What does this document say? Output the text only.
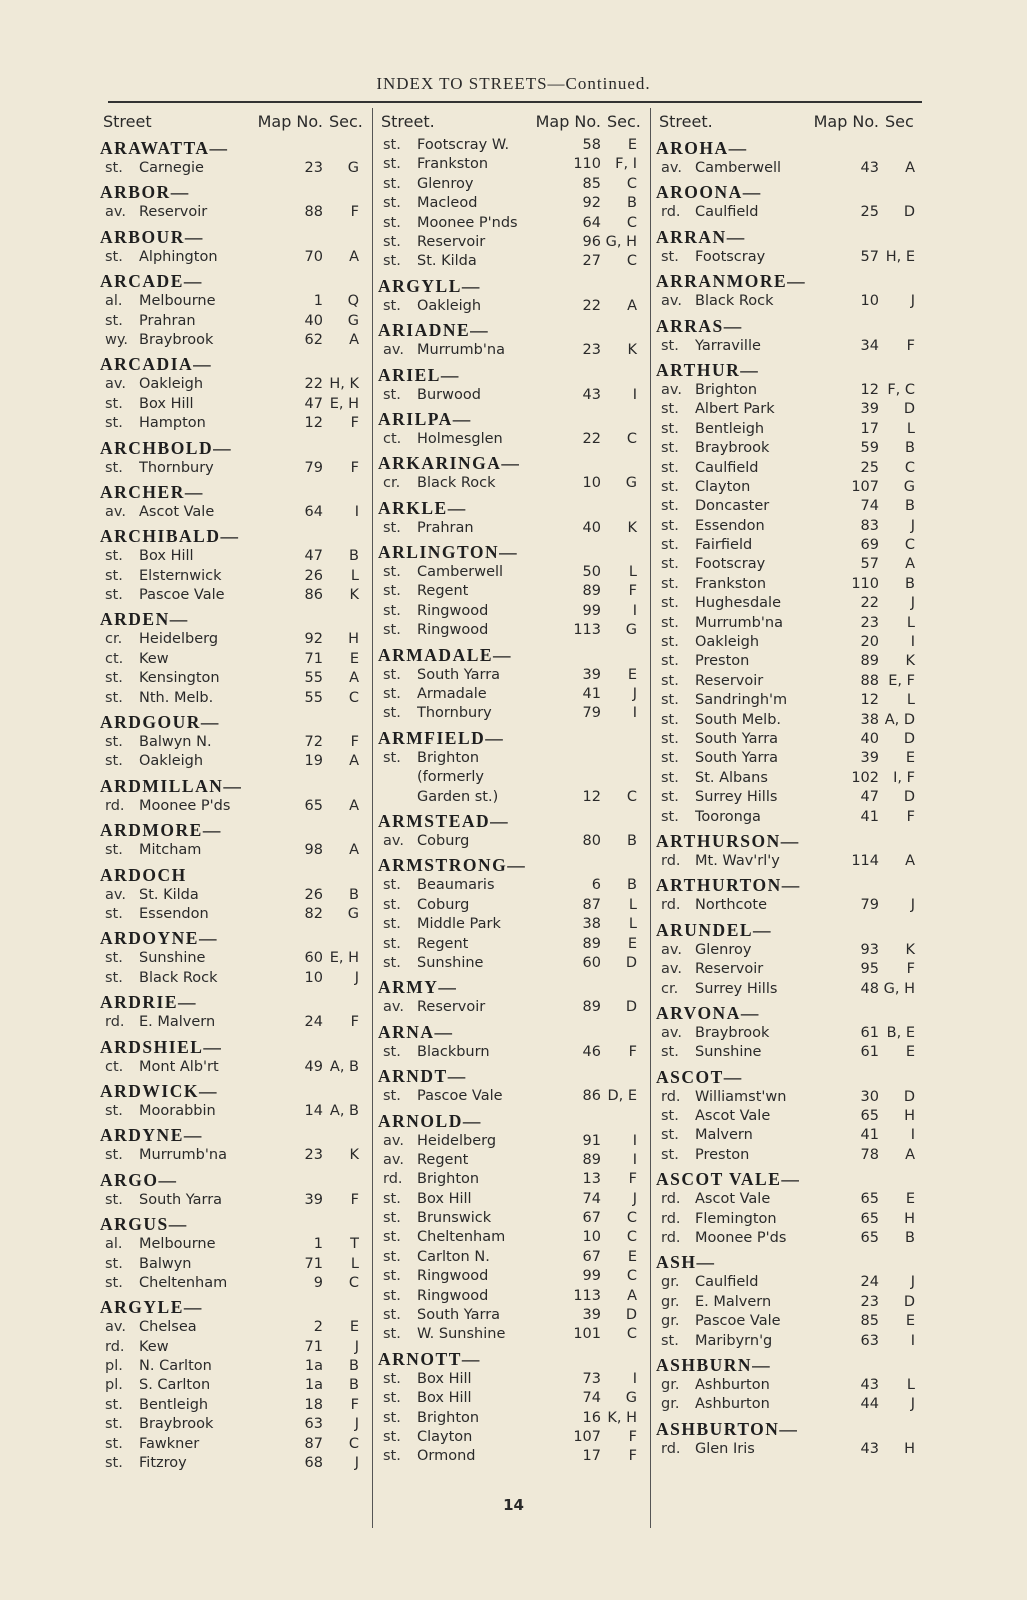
INDEX TO STREETS—Continued.
Street	Map No. Sec.
ARAWATTA—
st.	Carnegie	23	G
ARBOR—
av. Reservoir	88	F
ARBOUR—
st.	Alphington	70	A
ARCADE—
al.	Melbourne	1	Q
st.	Prahran	40	G
wy. Braybrook	62	A
ARCADIA—
av. Oakleigh	22 H, K
st.	Box Hill	47 E, H
st.	Hampton	12	F
ARCHBOLD—
st.	Thornbury	79	F
ARCHER—
av. Ascot Vale	64	I
ARCHIBALD—
st.	Box Hill	47	B
st.	Elsternwick	26	L
st.	Pascoe Vale	86	K
ARDEN—
cr.	Heidelberg	92	H
ct.	Kew	71	E
st.	Kensington	55	A
st.	Nth. Melb.	55	C
ARDGOUR—
st.	Balwyn N.	72	F
st.	Oakleigh	19	A
ARDMILLAN—
rd. Moonee P'ds	65	A
ARDMORE—
st.	Mitcham	98	A
ARDOCH
av. St. Kilda	26	B
st.	Essendon	82	G
ARDOYNE—
st.	Sunshine	60 E, H
st.	Black Rock	10	J
ARDRIE—
rd. E. Malvern	24	F
ARDSHIEL—
ct.	Mont Alb'rt	49 A, B
ARDWICK—
st.	Moorabbin	14 A, B
ARDYNE—
st.	Murrumb'na	23	K
ARGO—
st.	South Yarra	39	F
ARGUS—
al.	Melbourne	1	T
st.	Balwyn	71	L
st.	Cheltenham	9	C
ARGYLE—
av. Chelsea	2	E
rd. Kew	71	J
pl.	N. Carlton	1a	B
pl.	S. Carlton	1a	B
st.	Bentleigh	18	F
st.	Braybrook	63	J
st.	Fawkner	87	C
st.	Fitzroy	68	J
Street.	Map No. Sec.
st.	Footscray W.	58	E
st.	Frankston	110 F, I
st.	Glenroy	85	C
st.	Macleod	92	B
st.	Moonee P'nds	64	C
st.	Reservoir	96 G, H
st.	St. Kilda	27	C
ARGYLL—
st.	Oakleigh	22	A
ARIADNE—
av. Murrumb'na	23	K
ARIEL—
st.	Burwood	43	I
ARILPA—
ct.	Holmesglen	22	C
ARKARINGA—
cr.	Black Rock	10	G
ARKLE—
st.	Prahran	40	K
ARLINGTON—
st.	Camberwell	50	L
st.	Regent	89	F
st.	Ringwood	99	I
st.	Ringwood	113	G
ARMADALE—
st.	South Yarra	39	E
st.	Armadale	41	J
st.	Thornbury	79	I
ARMFIELD—
st.	Brighton
(formerly
Garden st.)	12	C
ARMSTEAD—
av. Coburg	80	B
ARMSTRONG—
st.	Beaumaris	6	B
st.	Coburg	87	L
st.	Middle Park	38	L
st.	Regent	89	E
st.	Sunshine	60	D
ARMY—
av. Reservoir	89	D
ARNA—
st.	Blackburn	46	F
ARNDT—
st.	Pascoe Vale	86 D, E
ARNOLD—
av. Heidelberg	91	I
av. Regent	89	I
rd. Brighton	13	F
st.	Box Hill	74	J
st.	Brunswick	67	C
st.	Cheltenham	10	C
st.	Carlton N.	67	E
st.	Ringwood	99	C
st.	Ringwood	113	A
st.	South Yarra	39	D
st.	W. Sunshine	101	C
ARNOTT—
st.	Box Hill	73	I
st.	Box Hill	74	G
st.	Brighton	16 K, H
st.	Clayton	107	F
st.	Ormond	17	F
Street.	Map No. Sec
AROHA—
av. Camberwell	43	A
AROONA—
rd. Caulfield	25	D
ARRAN—
st.	Footscray	57 H, E
ARRANMORE—
av. Black Rock	10	J
ARRAS—
st.	Yarraville	34	F
ARTHUR—
av. Brighton	12 F, C
st.	Albert Park	39	D
st.	Bentleigh	17	L
st.	Braybrook	59	B
st.	Caulfield	25	C
st.	Clayton	107	G
st.	Doncaster	74	B
st.	Essendon	83	J
st.	Fairfield	69	C
st.	Footscray	57	A
st.	Frankston	110	B
st.	Hughesdale	22	J
st.	Murrumb'na	23	L
st.	Oakleigh	20	I
st.	Preston	89	K
st.	Reservoir	88 E, F
st.	Sandringh'm	12	L
st.	South Melb.	38 A, D
st.	South Yarra	40	D
st.	South Yarra	39	E
st.	St. Albans	102 I, F
st.	Surrey Hills	47	D
st.	Tooronga	41	F
ARTHURSON—
rd. Mt. Wav'rl'y	114	A
ARTHURTON—
rd. Northcote	79	J
ARUNDEL—
av. Glenroy	93	K
av. Reservoir	95	F
cr.	Surrey Hills	48 G, H
ARVONA—
av. Braybrook	61 B, E
st.	Sunshine	61	E
ASCOT—
rd. Williamst'wn	30	D
st.	Ascot Vale	65	H
st.	Malvern	41	I
st.	Preston	78	A
ASCOT VALE—
rd. Ascot Vale	65	E
rd. Flemington	65	H
rd. Moonee P'ds	65	B
ASH—
gr.	Caulfield	24	J
gr.	E. Malvern	23	D
gr.	Pascoe Vale	85	E
st.	Maribyrn'g	63	I
ASHBURN—
gr.	Ashburton	43	L
gr.	Ashburton	44	J
ASHBURTON—
rd. Glen Iris	43	H
14
